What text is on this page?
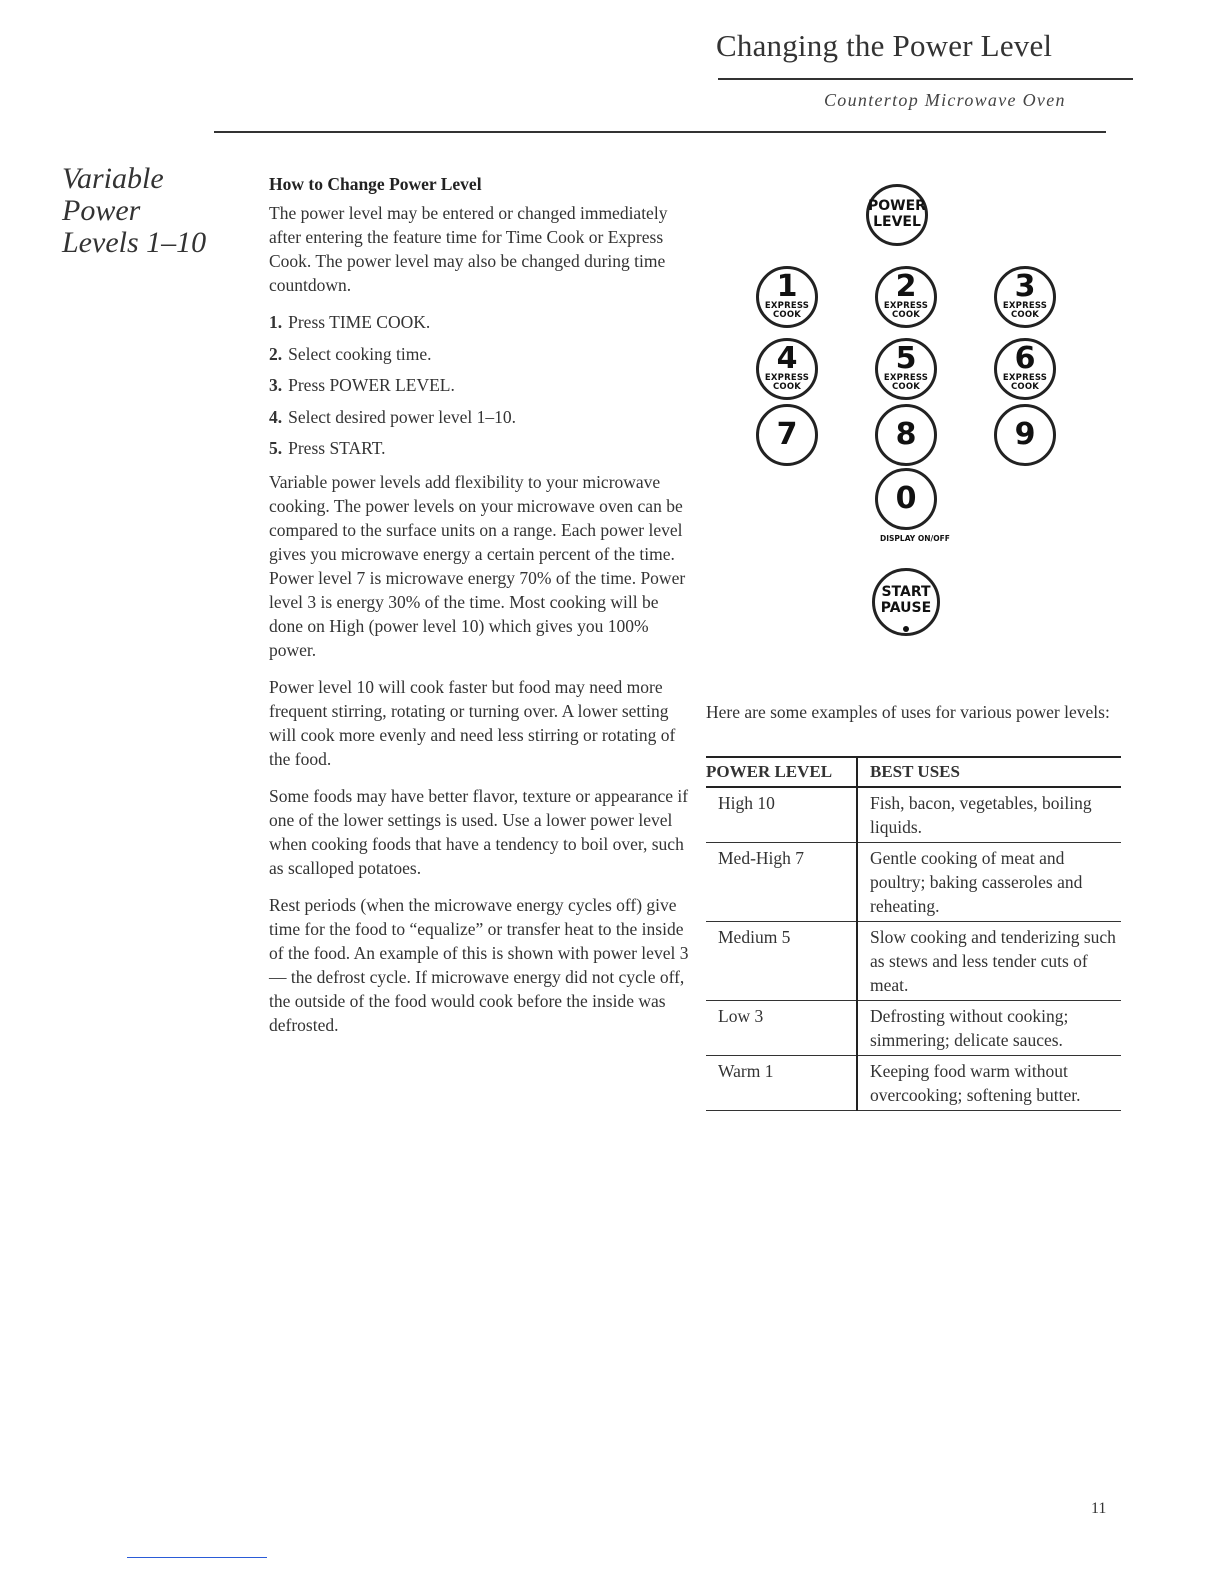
Changing the Power Level
Countertop Microwave Oven
Variable
Power
Levels 1–10
How to Change Power Level

The power level may be entered or changed immediately after entering the feature time for Time Cook or Express Cook. The power level may also be changed during time countdown.

1. Press TIME COOK.
2. Select cooking time.
3. Press POWER LEVEL.
4. Select desired power level 1–10.
5. Press START.

Variable power levels add flexibility to your microwave cooking. The power levels on your microwave oven can be compared to the surface units on a range. Each power level gives you microwave energy a certain percent of the time. Power level 7 is microwave energy 70% of the time. Power level 3 is energy 30% of the time. Most cooking will be done on High (power level 10) which gives you 100% power.

Power level 10 will cook faster but food may need more frequent stirring, rotating or turning over. A lower setting will cook more evenly and need less stirring or rotating of the food.

Some foods may have better flavor, texture or appearance if one of the lower settings is used. Use a lower power level when cooking foods that have a tendency to boil over, such as scalloped potatoes.

Rest periods (when the microwave energy cycles off) give time for the food to “equalize” or transfer heat to the inside of the food. An example of this is shown with power level 3— the defrost cycle. If microwave energy did not cycle off, the outside of the food would cook before the inside was defrosted.

POWER
LEVEL
1
EXPRESS
COOK
2
EXPRESS
COOK
3
EXPRESS
COOK
4
EXPRESS
COOK
5
EXPRESS
COOK
6
EXPRESS
COOK
7	8	9
0
DISPLAY ON/OFF
START
PAUSE
Here are some examples of uses for various power levels:
POWER LEVEL	BEST USES
High 10	Fish, bacon, vegetables, boiling liquids.
Med-High 7	Gentle cooking of meat and poultry; baking casseroles and reheating.
Medium 5	Slow cooking and tenderizing such as stews and less tender cuts of meat.
Low 3	Defrosting without cooking; simmering; delicate sauces.
Warm 1	Keeping food warm without overcooking; softening butter.
11
